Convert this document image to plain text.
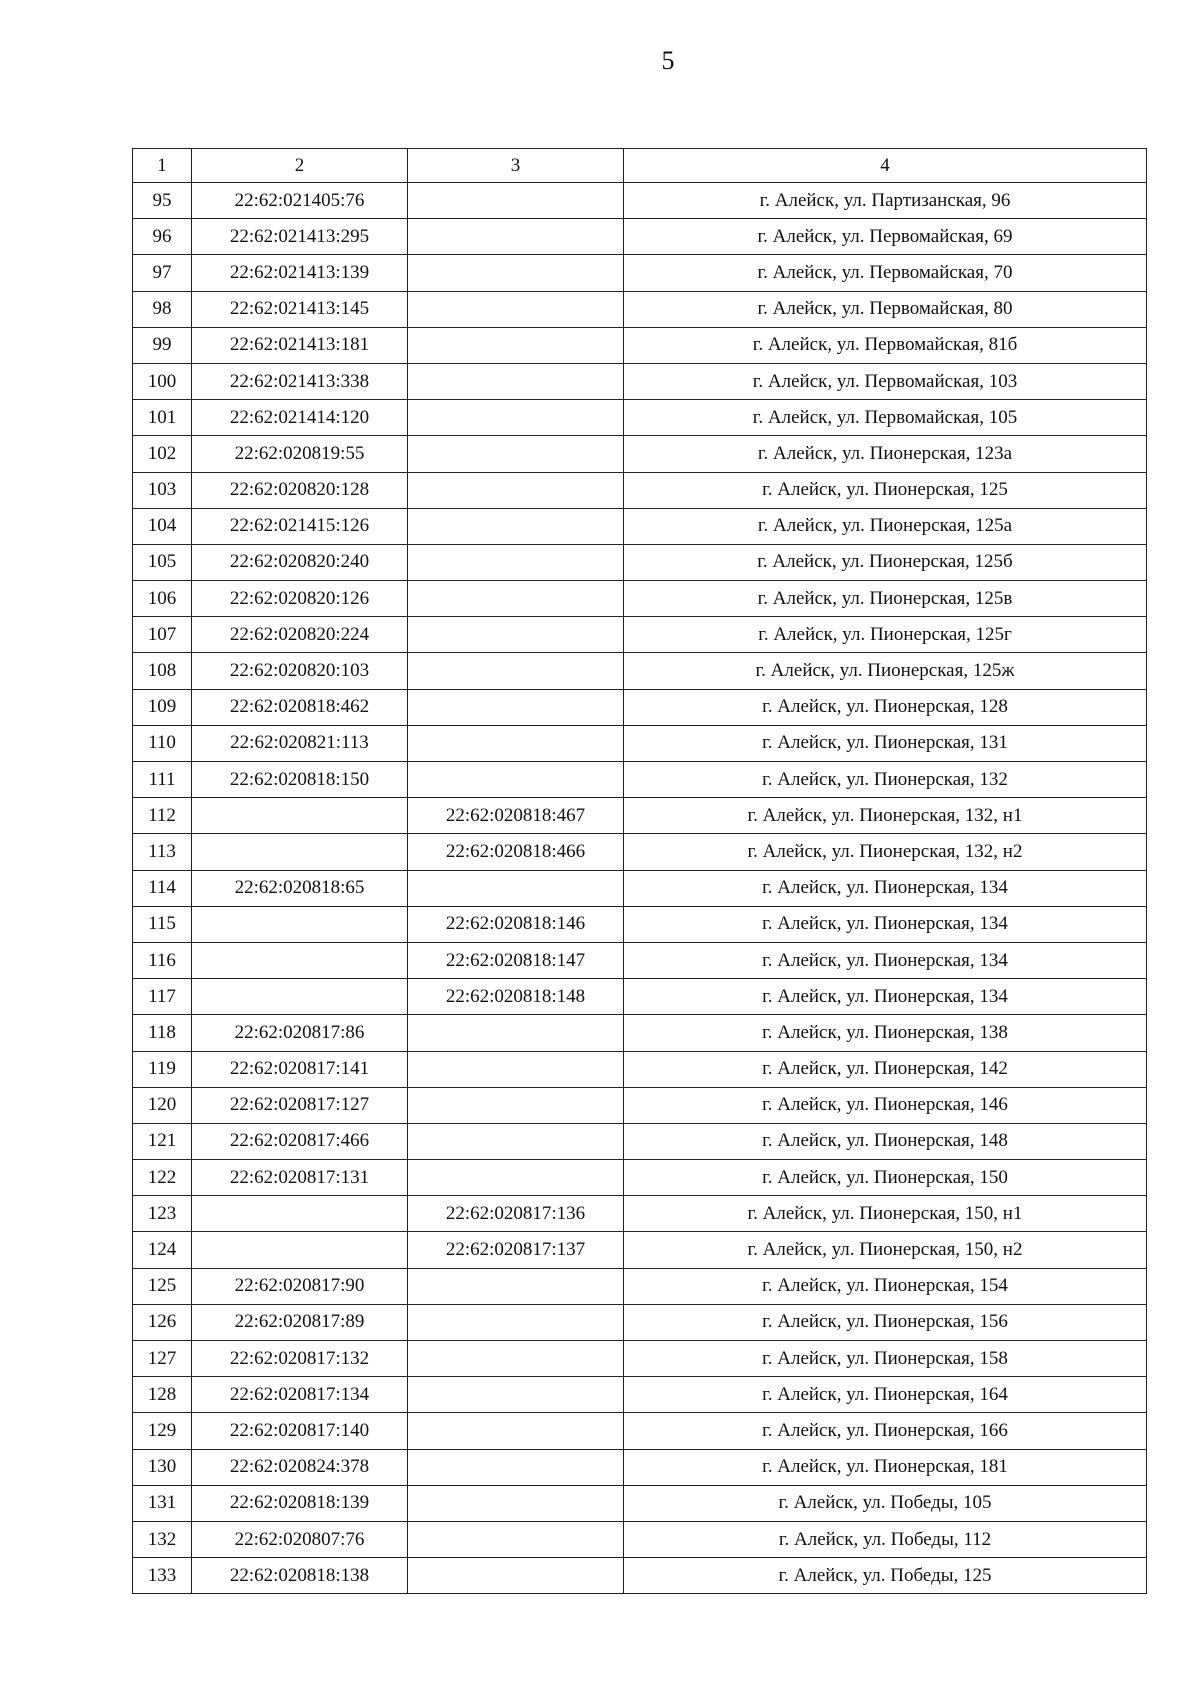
5
1	2	3	4
95	22:62:021405:76		г. Алейск, ул. Партизанская, 96
96	22:62:021413:295		г. Алейск, ул. Первомайская, 69
97	22:62:021413:139		г. Алейск, ул. Первомайская, 70
98	22:62:021413:145		г. Алейск, ул. Первомайская, 80
99	22:62:021413:181		г. Алейск, ул. Первомайская, 81б
100	22:62:021413:338		г. Алейск, ул. Первомайская, 103
101	22:62:021414:120		г. Алейск, ул. Первомайская, 105
102	22:62:020819:55		г. Алейск, ул. Пионерская, 123а
103	22:62:020820:128		г. Алейск, ул. Пионерская, 125
104	22:62:021415:126		г. Алейск, ул. Пионерская, 125а
105	22:62:020820:240		г. Алейск, ул. Пионерская, 125б
106	22:62:020820:126		г. Алейск, ул. Пионерская, 125в
107	22:62:020820:224		г. Алейск, ул. Пионерская, 125г
108	22:62:020820:103		г. Алейск, ул. Пионерская, 125ж
109	22:62:020818:462		г. Алейск, ул. Пионерская, 128
110	22:62:020821:113		г. Алейск, ул. Пионерская, 131
111	22:62:020818:150		г. Алейск, ул. Пионерская, 132
112		22:62:020818:467	г. Алейск, ул. Пионерская, 132, н1
113		22:62:020818:466	г. Алейск, ул. Пионерская, 132, н2
114	22:62:020818:65		г. Алейск, ул. Пионерская, 134
115		22:62:020818:146	г. Алейск, ул. Пионерская, 134
116		22:62:020818:147	г. Алейск, ул. Пионерская, 134
117		22:62:020818:148	г. Алейск, ул. Пионерская, 134
118	22:62:020817:86		г. Алейск, ул. Пионерская, 138
119	22:62:020817:141		г. Алейск, ул. Пионерская, 142
120	22:62:020817:127		г. Алейск, ул. Пионерская, 146
121	22:62:020817:466		г. Алейск, ул. Пионерская, 148
122	22:62:020817:131		г. Алейск, ул. Пионерская, 150
123		22:62:020817:136	г. Алейск, ул. Пионерская, 150, н1
124		22:62:020817:137	г. Алейск, ул. Пионерская, 150, н2
125	22:62:020817:90		г. Алейск, ул. Пионерская, 154
126	22:62:020817:89		г. Алейск, ул. Пионерская, 156
127	22:62:020817:132		г. Алейск, ул. Пионерская, 158
128	22:62:020817:134		г. Алейск, ул. Пионерская, 164
129	22:62:020817:140		г. Алейск, ул. Пионерская, 166
130	22:62:020824:378		г. Алейск, ул. Пионерская, 181
131	22:62:020818:139		г. Алейск, ул. Победы, 105
132	22:62:020807:76		г. Алейск, ул. Победы, 112
133	22:62:020818:138		г. Алейск, ул. Победы, 125
